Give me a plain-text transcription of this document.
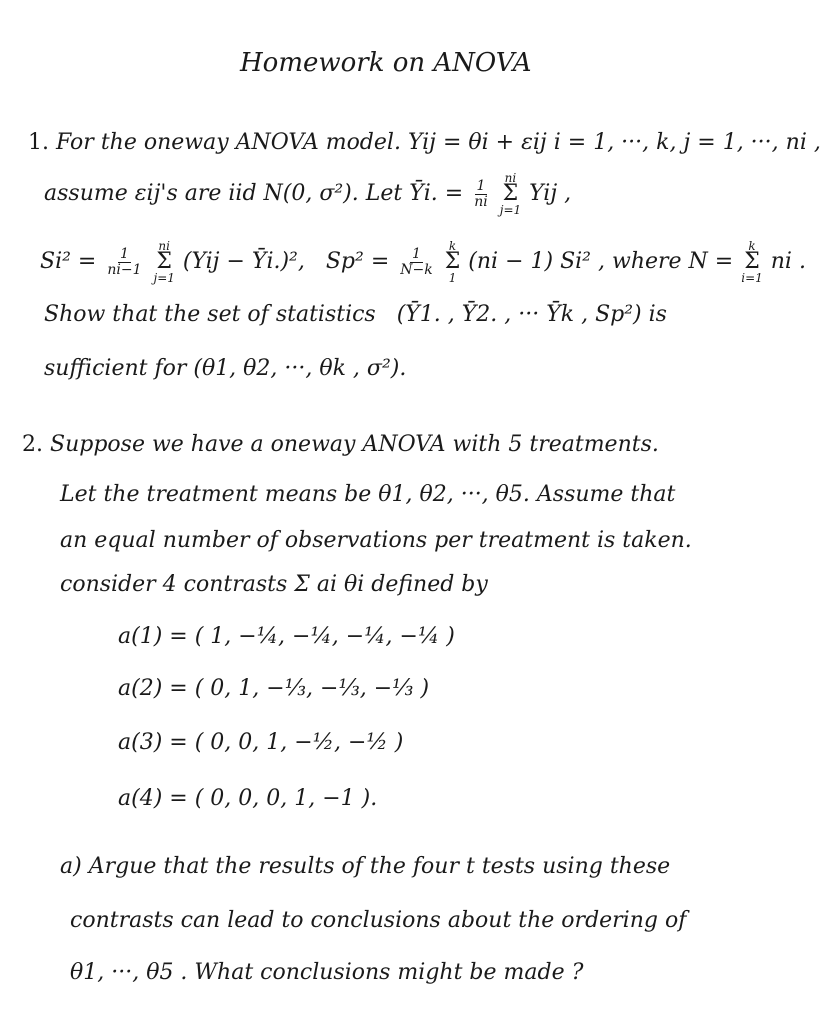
Homework on ANOVA
1. For the oneway ANOVA model. Yij = θi + εij i = 1, ···, k, j = 1, ···, ni ,
assume εij's are iid N(0, σ²). Let Ȳi. = $\frac{1}{ni}$

ni
Σ
j=1
Yij ,
$Si^2 = \frac{1}{ni-1}$

ni
Σ
j=1
(Yij − Ȳi.)², $Sp^2 = \frac{1}{N-k}$

k
Σ
1
(ni − 1) Si² , where N =
k
Σ
i=1
ni .
Show that the set of statistics (Ȳ1. , Ȳ2. , ··· Ȳk , Sp²) is
sufficient for (θ1, θ2, ···, θk , σ²).
2. Suppose we have a oneway ANOVA with 5 treatments.
Let the treatment means be θ1, θ2, ···, θ5. Assume that
an equal number of observations per treatment is taken.
consider 4 contrasts Σ ai θi defined by
a(1) = ( 1, −¼, −¼, −¼, −¼ )
a(2) = ( 0, 1, −⅓, −⅓, −⅓ )
a(3) = ( 0, 0, 1, −½, −½ )
a(4) = ( 0, 0, 0, 1, −1 ).
a) Argue that the results of the four t tests using these
contrasts can lead to conclusions about the ordering of
θ1, ···, θ5 . What conclusions might be made ?
